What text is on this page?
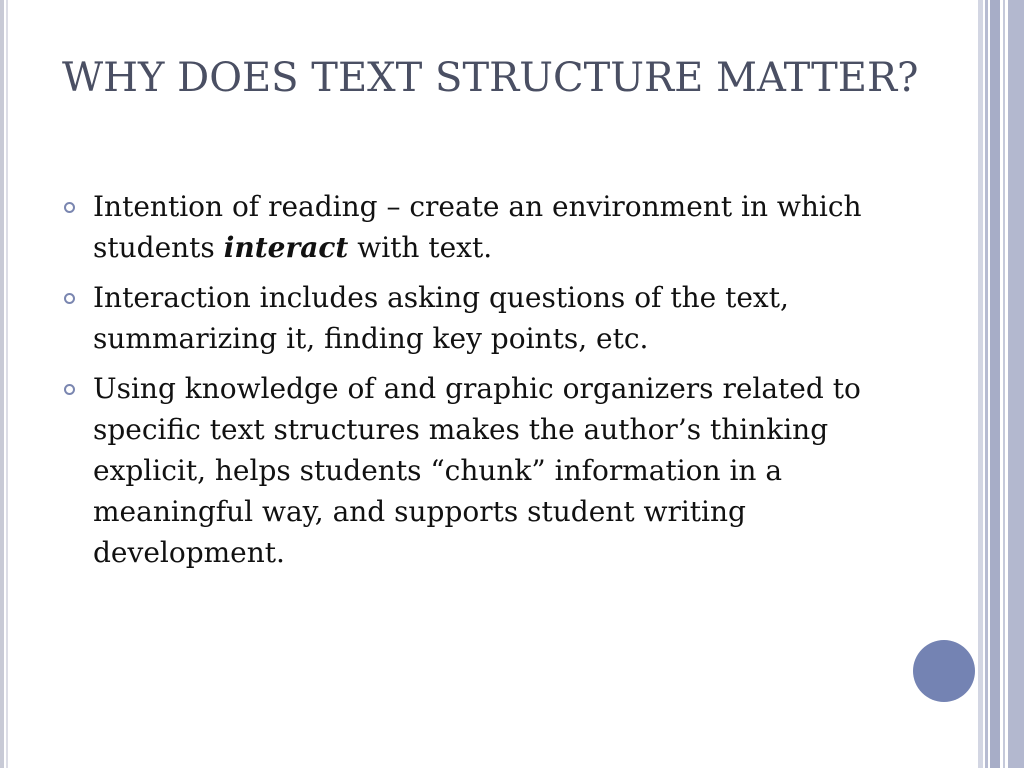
WHY DOES TEXT STRUCTURE MATTER?
Intention of reading – create an environment in which students interact with text.
Interaction includes asking questions of the text, summarizing it, finding key points, etc.
Using knowledge of and graphic organizers related to specific text structures makes the author’s thinking explicit, helps students “chunk” information in a meaningful way, and supports student writing development.
